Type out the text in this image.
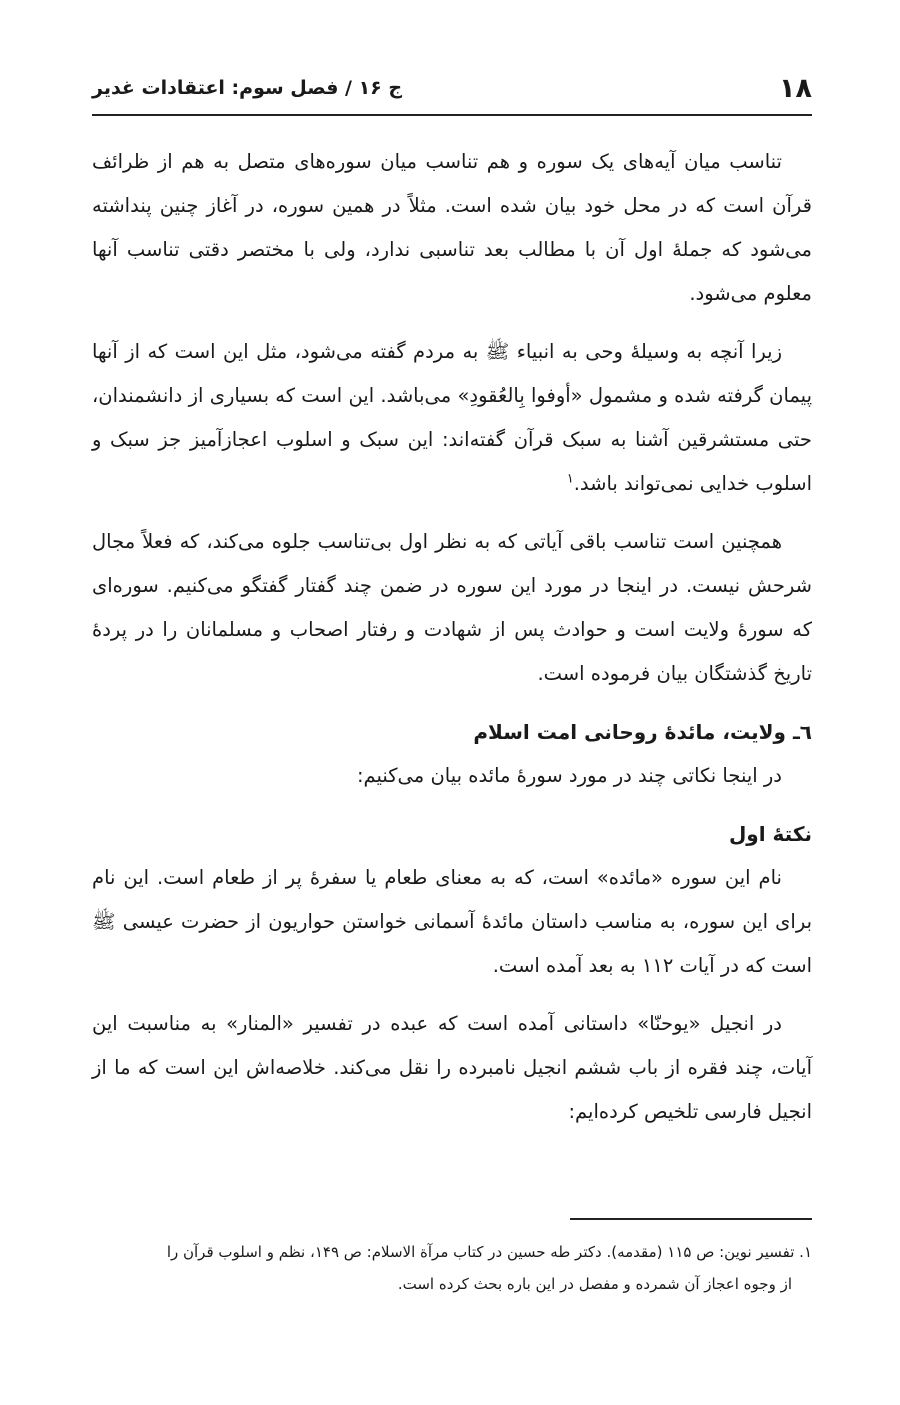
۱۸
ج ۱۶ / فصل سوم: اعتقادات غدیر

تناسب میان آیه‌های یک سوره و هم تناسب میان سوره‌های متصل به هم از ظرائف قرآن است که در محل خود بیان شده است. مثلاً در همین سوره، در آغاز چنین پنداشته می‌شود که جملهٔ اول آن با مطالب بعد تناسبی ندارد، ولی با مختصر دقتی تناسب آنها معلوم می‌شود.

زیرا آنچه به وسیلهٔ وحی به انبیاء ﷺ به مردم گفته می‌شود، مثل این است که از آنها پیمان گرفته شده و مشمول «أوفوا بِالعُقودِ» می‌باشد. این است که بسیاری از دانشمندان، حتی مستشرقین آشنا به سبک قرآن گفته‌اند: این سبک و اسلوب اعجازآمیز جز سبک و اسلوب خدایی نمی‌تواند باشد.$^۱$

همچنین است تناسب باقی آیاتی که به نظر اول بی‌تناسب جلوه می‌کند، که فعلاً مجال شرحش نیست. در اینجا در مورد این سوره در ضمن چند گفتار گفتگو می‌کنیم. سوره‌ای که سورهٔ ولایت است و حوادث پس از شهادت و رفتار اصحاب و مسلمانان را در پردهٔ تاریخ گذشتگان بیان فرموده است.

٦ـ ولایت، مائدهٔ روحانی امت اسلام

در اینجا نکاتی چند در مورد سورهٔ مائده بیان می‌کنیم:

نکتهٔ اول

نام این سوره «مائده» است، که به معنای طعام یا سفرهٔ پر از طعام است. این نام برای این سوره، به مناسب داستان مائدهٔ آسمانی خواستن حواریون از حضرت عیسی ﷺ است که در آیات ۱۱۲ به بعد آمده است.

در انجیل «یوحنّا» داستانی آمده است که عبده در تفسیر «المنار» به مناسبت این آیات، چند فقره از باب ششم انجیل نامبرده را نقل می‌کند. خلاصه‌اش این است که ما از انجیل فارسی تلخیص کرده‌ایم:

۱. تفسیر نوین: ص ۱۱۵ (مقدمه). دکتر طه حسین در کتاب مرآة الاسلام: ص ۱۴۹، نظم و اسلوب قرآن را

از وجوه اعجاز آن شمرده و مفصل در این باره بحث کرده است.
